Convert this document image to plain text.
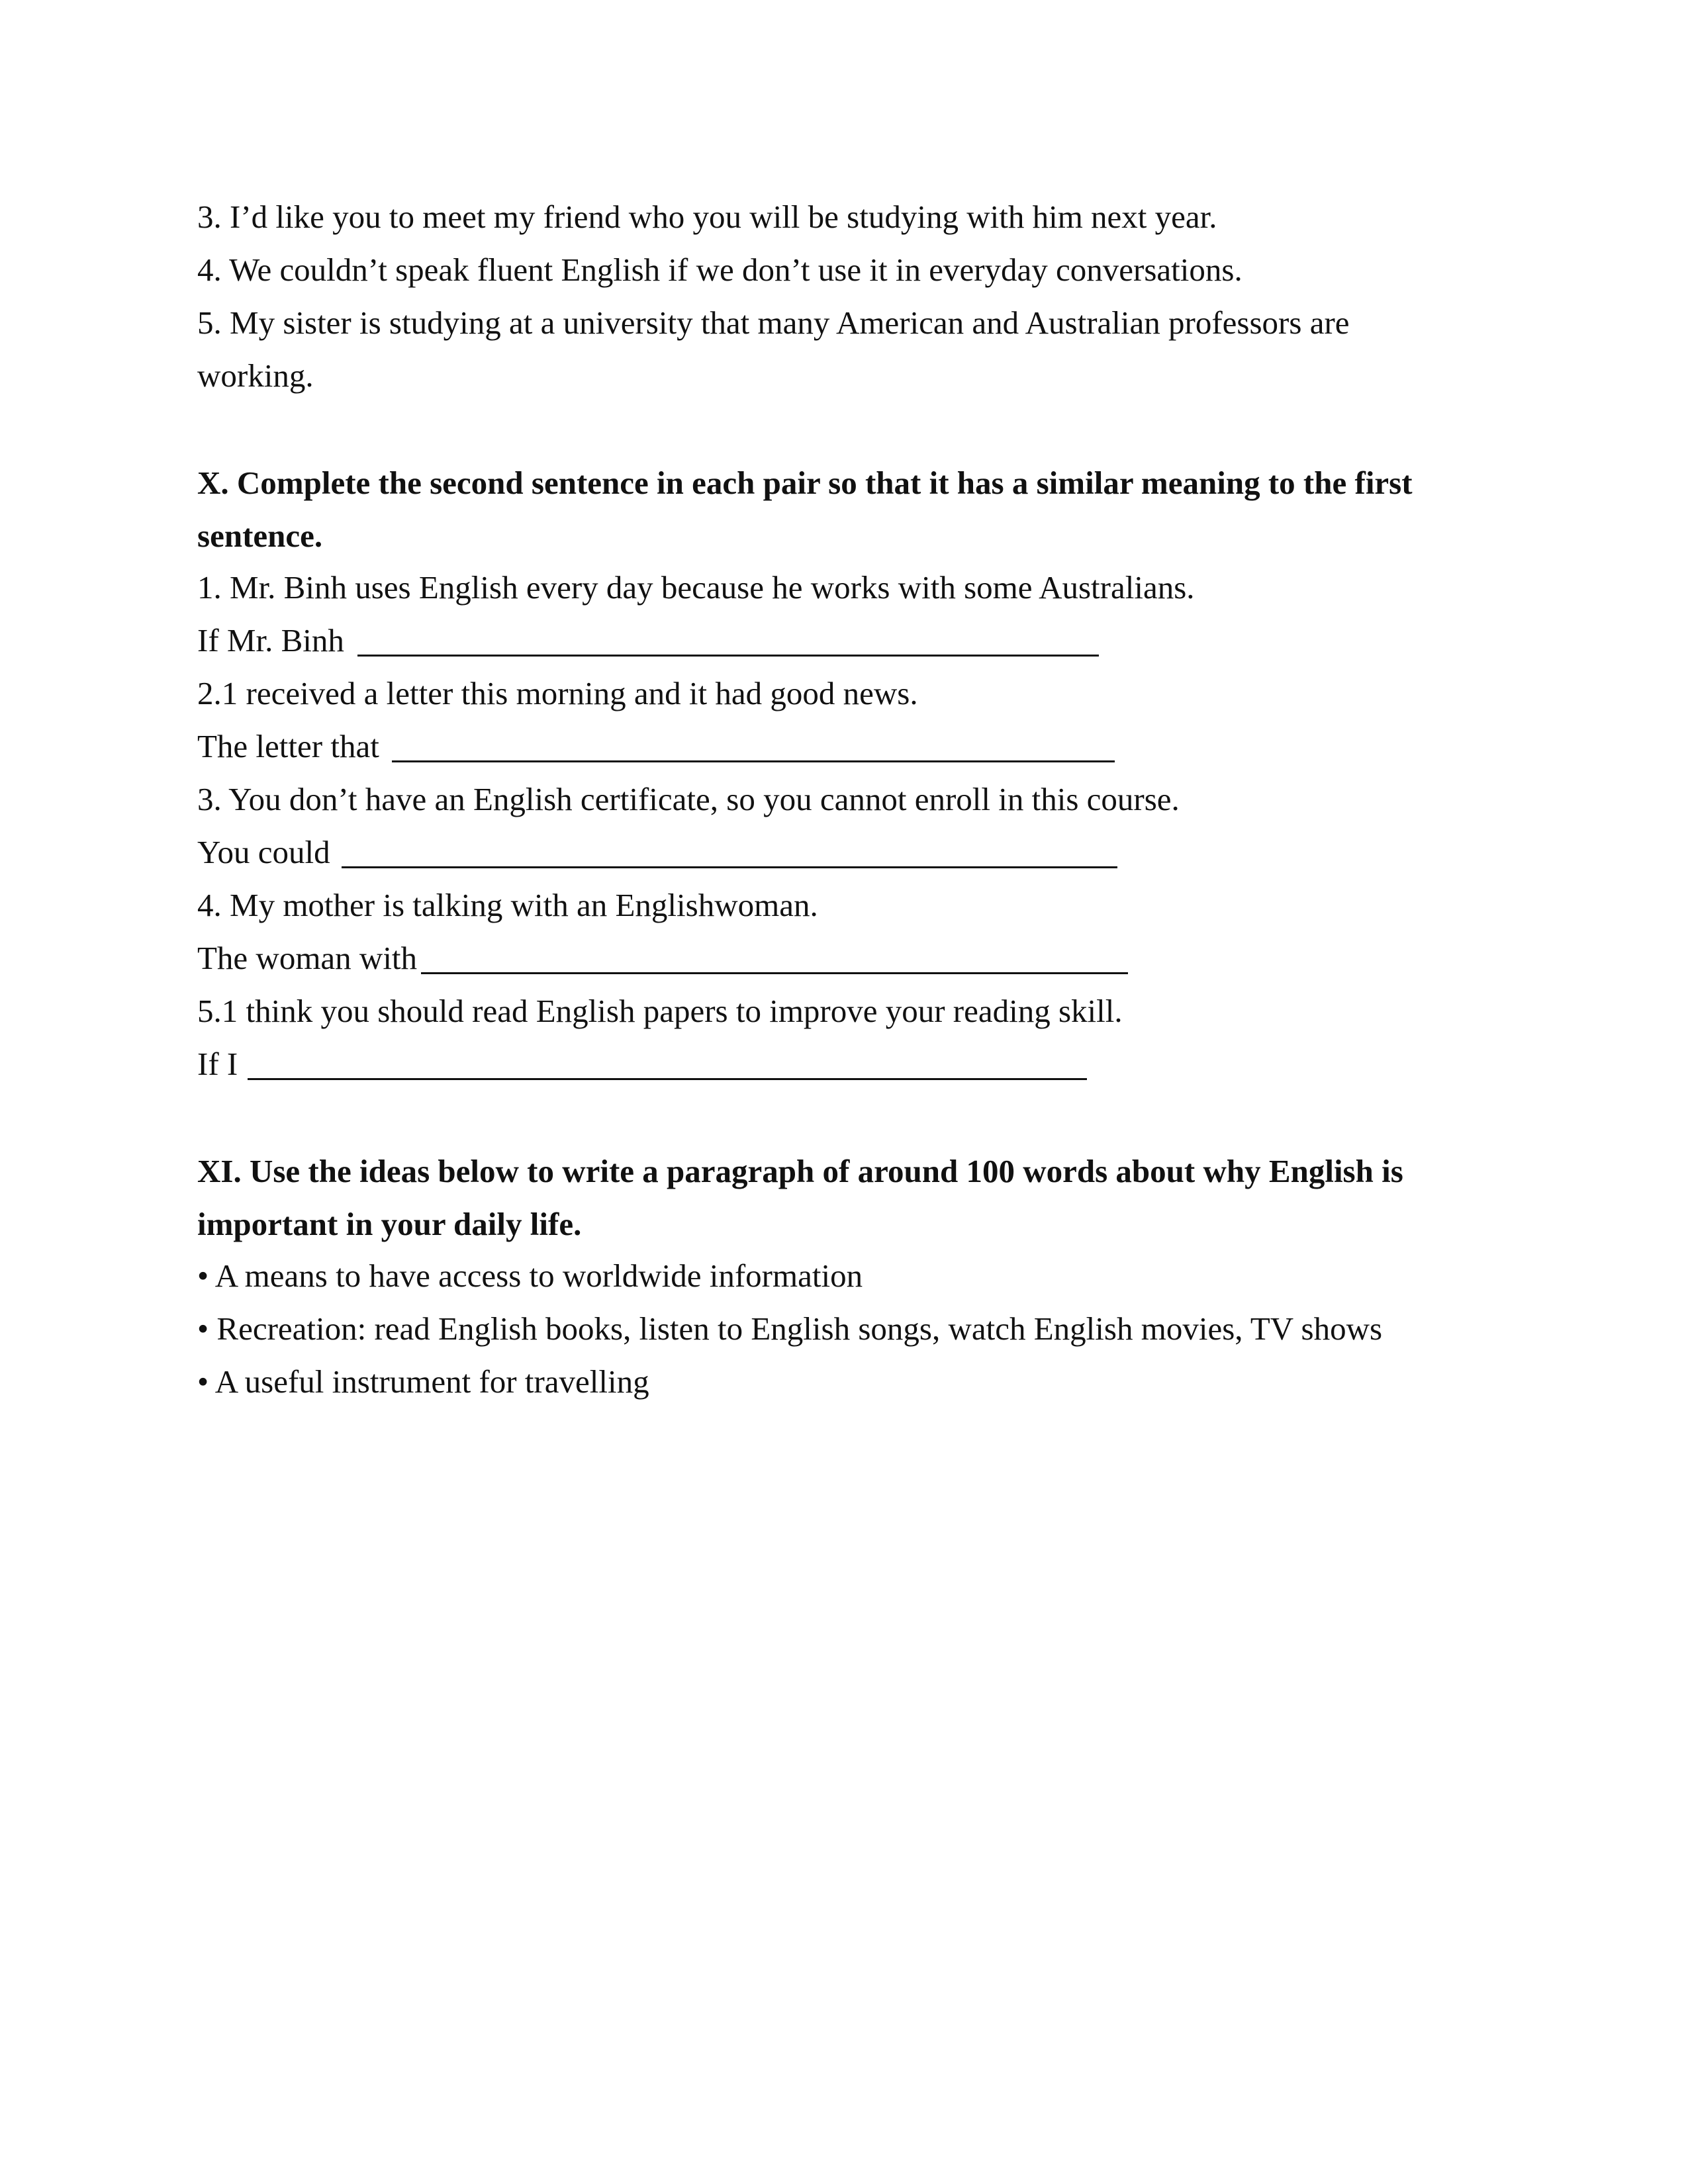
3. I’d like you to meet my friend who you will be studying with him next year.

4. We couldn’t speak fluent English if we don’t use it in everyday conversations.

5. My sister is studying at a university that many American and Australian professors are

working.

X. Complete the second sentence in each pair so that it has a similar meaning to the first

sentence.

1. Mr. Binh uses English every day because he works with some Australians.

If Mr. Binh

2.1 received a letter this morning and it had good news.

The letter that

3. You don’t have an English certificate, so you cannot enroll in this course.

You could

4. My mother is talking with an Englishwoman.

The woman with

5.1 think you should read English papers to improve your reading skill.

If I

XI. Use the ideas below to write a paragraph of around 100 words about why English is

important in your daily life.

• A means to have access to worldwide information

• Recreation: read English books, listen to English songs, watch English movies, TV shows

• A useful instrument for travelling
